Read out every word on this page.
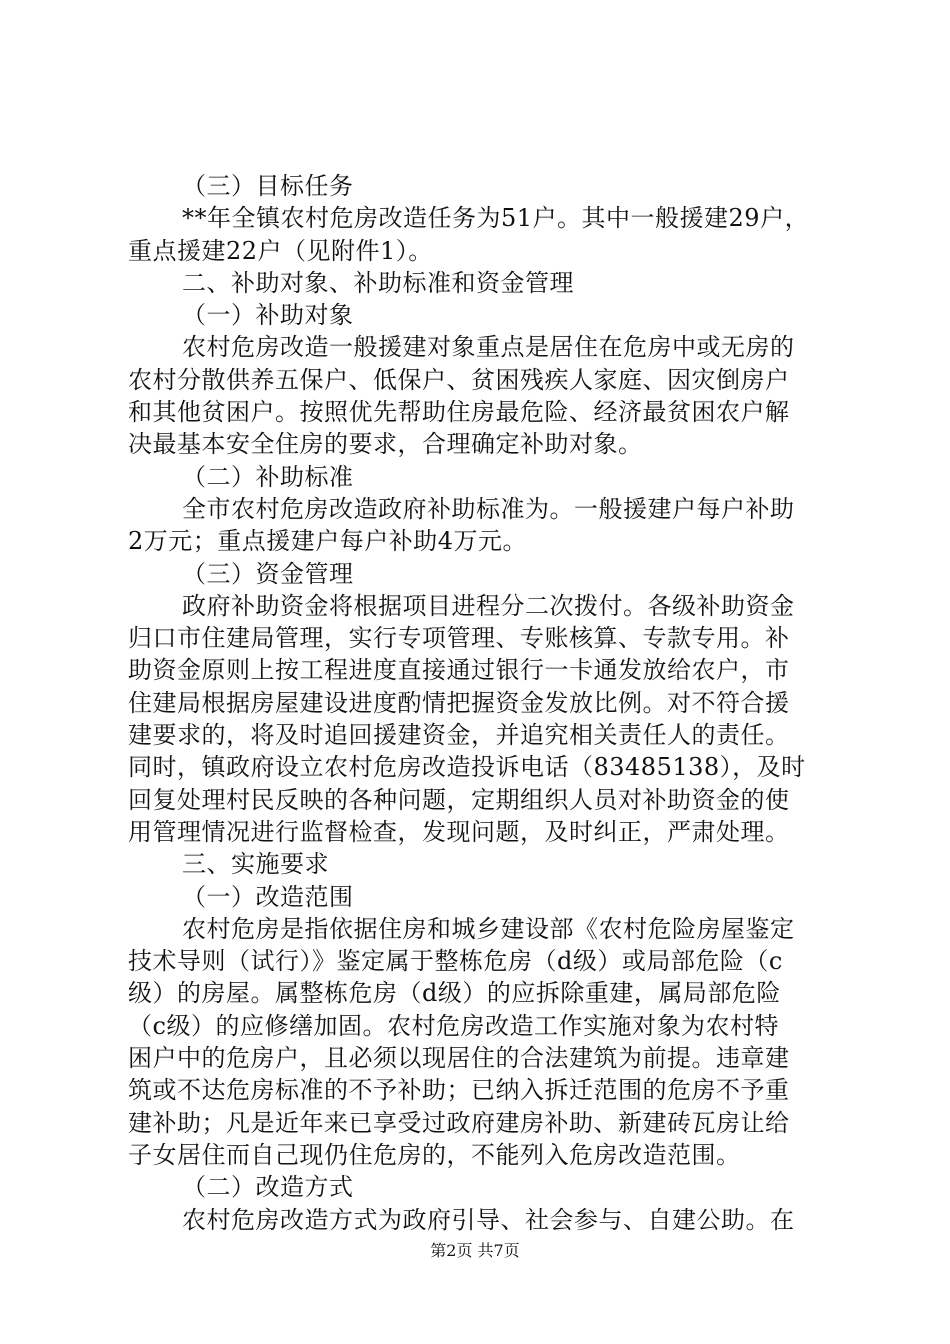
（三）目标任务
**年全镇农村危房改造任务为51户。其中一般援建29户，
重点援建22户（见附件1）。
二、补助对象、补助标准和资金管理
（一）补助对象
农村危房改造一般援建对象重点是居住在危房中或无房的
农村分散供养五保户、低保户、贫困残疾人家庭、因灾倒房户
和其他贫困户。按照优先帮助住房最危险、经济最贫困农户解
决最基本安全住房的要求，合理确定补助对象。
（二）补助标准
全市农村危房改造政府补助标准为。一般援建户每户补助
2万元；重点援建户每户补助4万元。
（三）资金管理
政府补助资金将根据项目进程分二次拨付。各级补助资金
归口市住建局管理，实行专项管理、专账核算、专款专用。补
助资金原则上按工程进度直接通过银行一卡通发放给农户，市
住建局根据房屋建设进度酌情把握资金发放比例。对不符合援
建要求的，将及时追回援建资金，并追究相关责任人的责任。
同时，镇政府设立农村危房改造投诉电话（83485138），及时
回复处理村民反映的各种问题，定期组织人员对补助资金的使
用管理情况进行监督检查，发现问题，及时纠正，严肃处理。
三、实施要求
（一）改造范围
农村危房是指依据住房和城乡建设部《农村危险房屋鉴定
技术导则（试行）》鉴定属于整栋危房（d级）或局部危险（c
级）的房屋。属整栋危房（d级）的应拆除重建，属局部危险
（c级）的应修缮加固。农村危房改造工作实施对象为农村特
困户中的危房户，且必须以现居住的合法建筑为前提。违章建
筑或不达危房标准的不予补助；已纳入拆迁范围的危房不予重
建补助；凡是近年来已享受过政府建房补助、新建砖瓦房让给
子女居住而自己现仍住危房的，不能列入危房改造范围。
（二）改造方式
农村危房改造方式为政府引导、社会参与、自建公助。在
第2页 共7页
